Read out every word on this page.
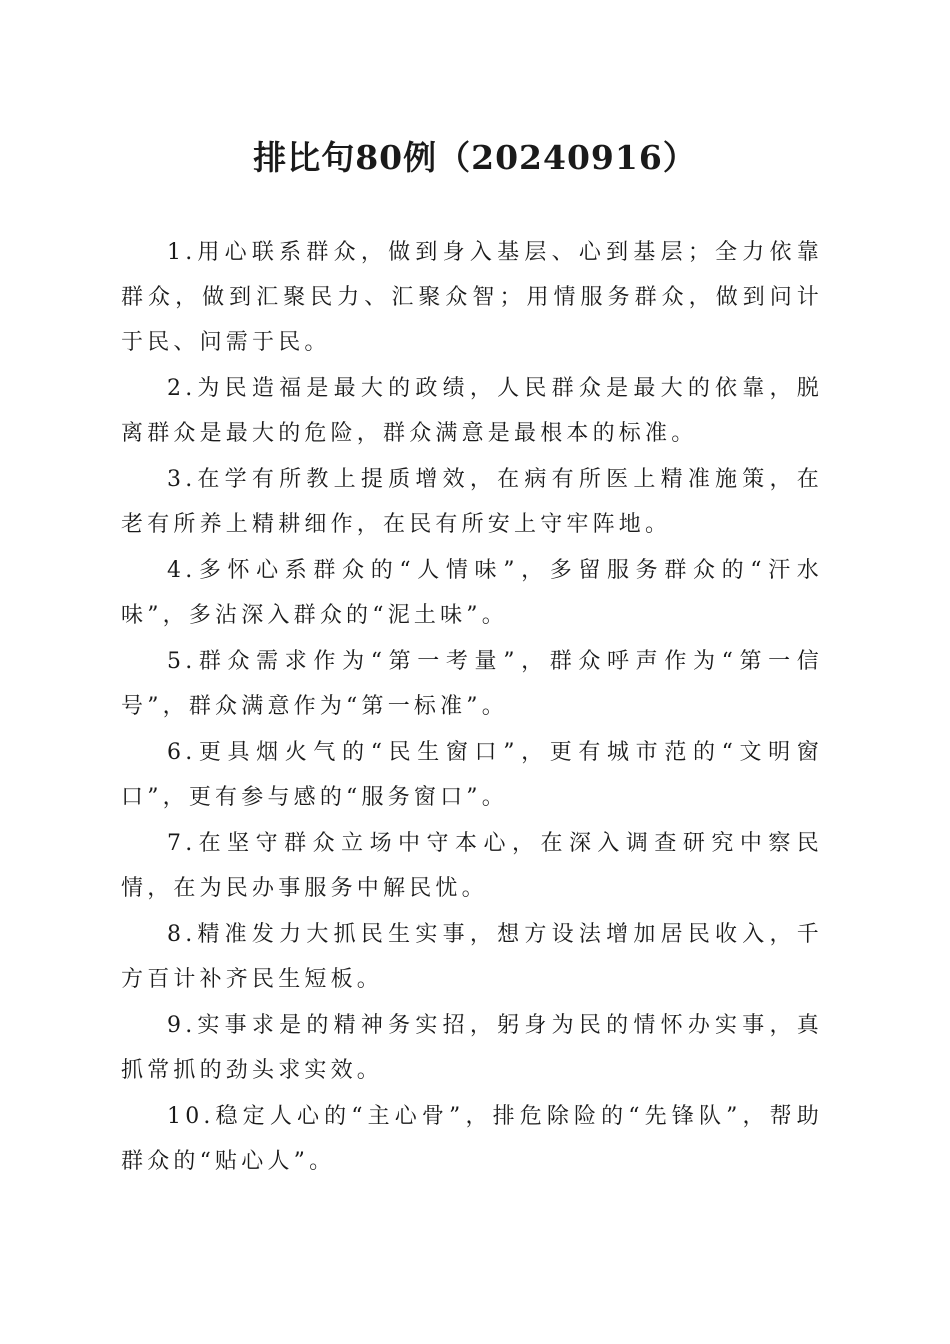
排比句80例（20240916）

1.用心联系群众，做到身入基层、心到基层；全力依靠群众，做到汇聚民力、汇聚众智；用情服务群众，做到问计于民、问需于民。

2.为民造福是最大的政绩，人民群众是最大的依靠，脱离群众是最大的危险，群众满意是最根本的标准。

3.在学有所教上提质增效，在病有所医上精准施策，在老有所养上精耕细作，在民有所安上守牢阵地。

4.多怀心系群众的“人情味”，多留服务群众的“汗水味”，多沾深入群众的“泥土味”。

5.群众需求作为“第一考量”，群众呼声作为“第一信号”，群众满意作为“第一标准”。

6.更具烟火气的“民生窗口”，更有城市范的“文明窗口”，更有参与感的“服务窗口”。

7.在坚守群众立场中守本心，在深入调查研究中察民情，在为民办事服务中解民忧。

8.精准发力大抓民生实事，想方设法增加居民收入，千方百计补齐民生短板。

9.实事求是的精神务实招，躬身为民的情怀办实事，真抓常抓的劲头求实效。

10.稳定人心的“主心骨”，排危除险的“先锋队”，帮助群众的“贴心人”。
